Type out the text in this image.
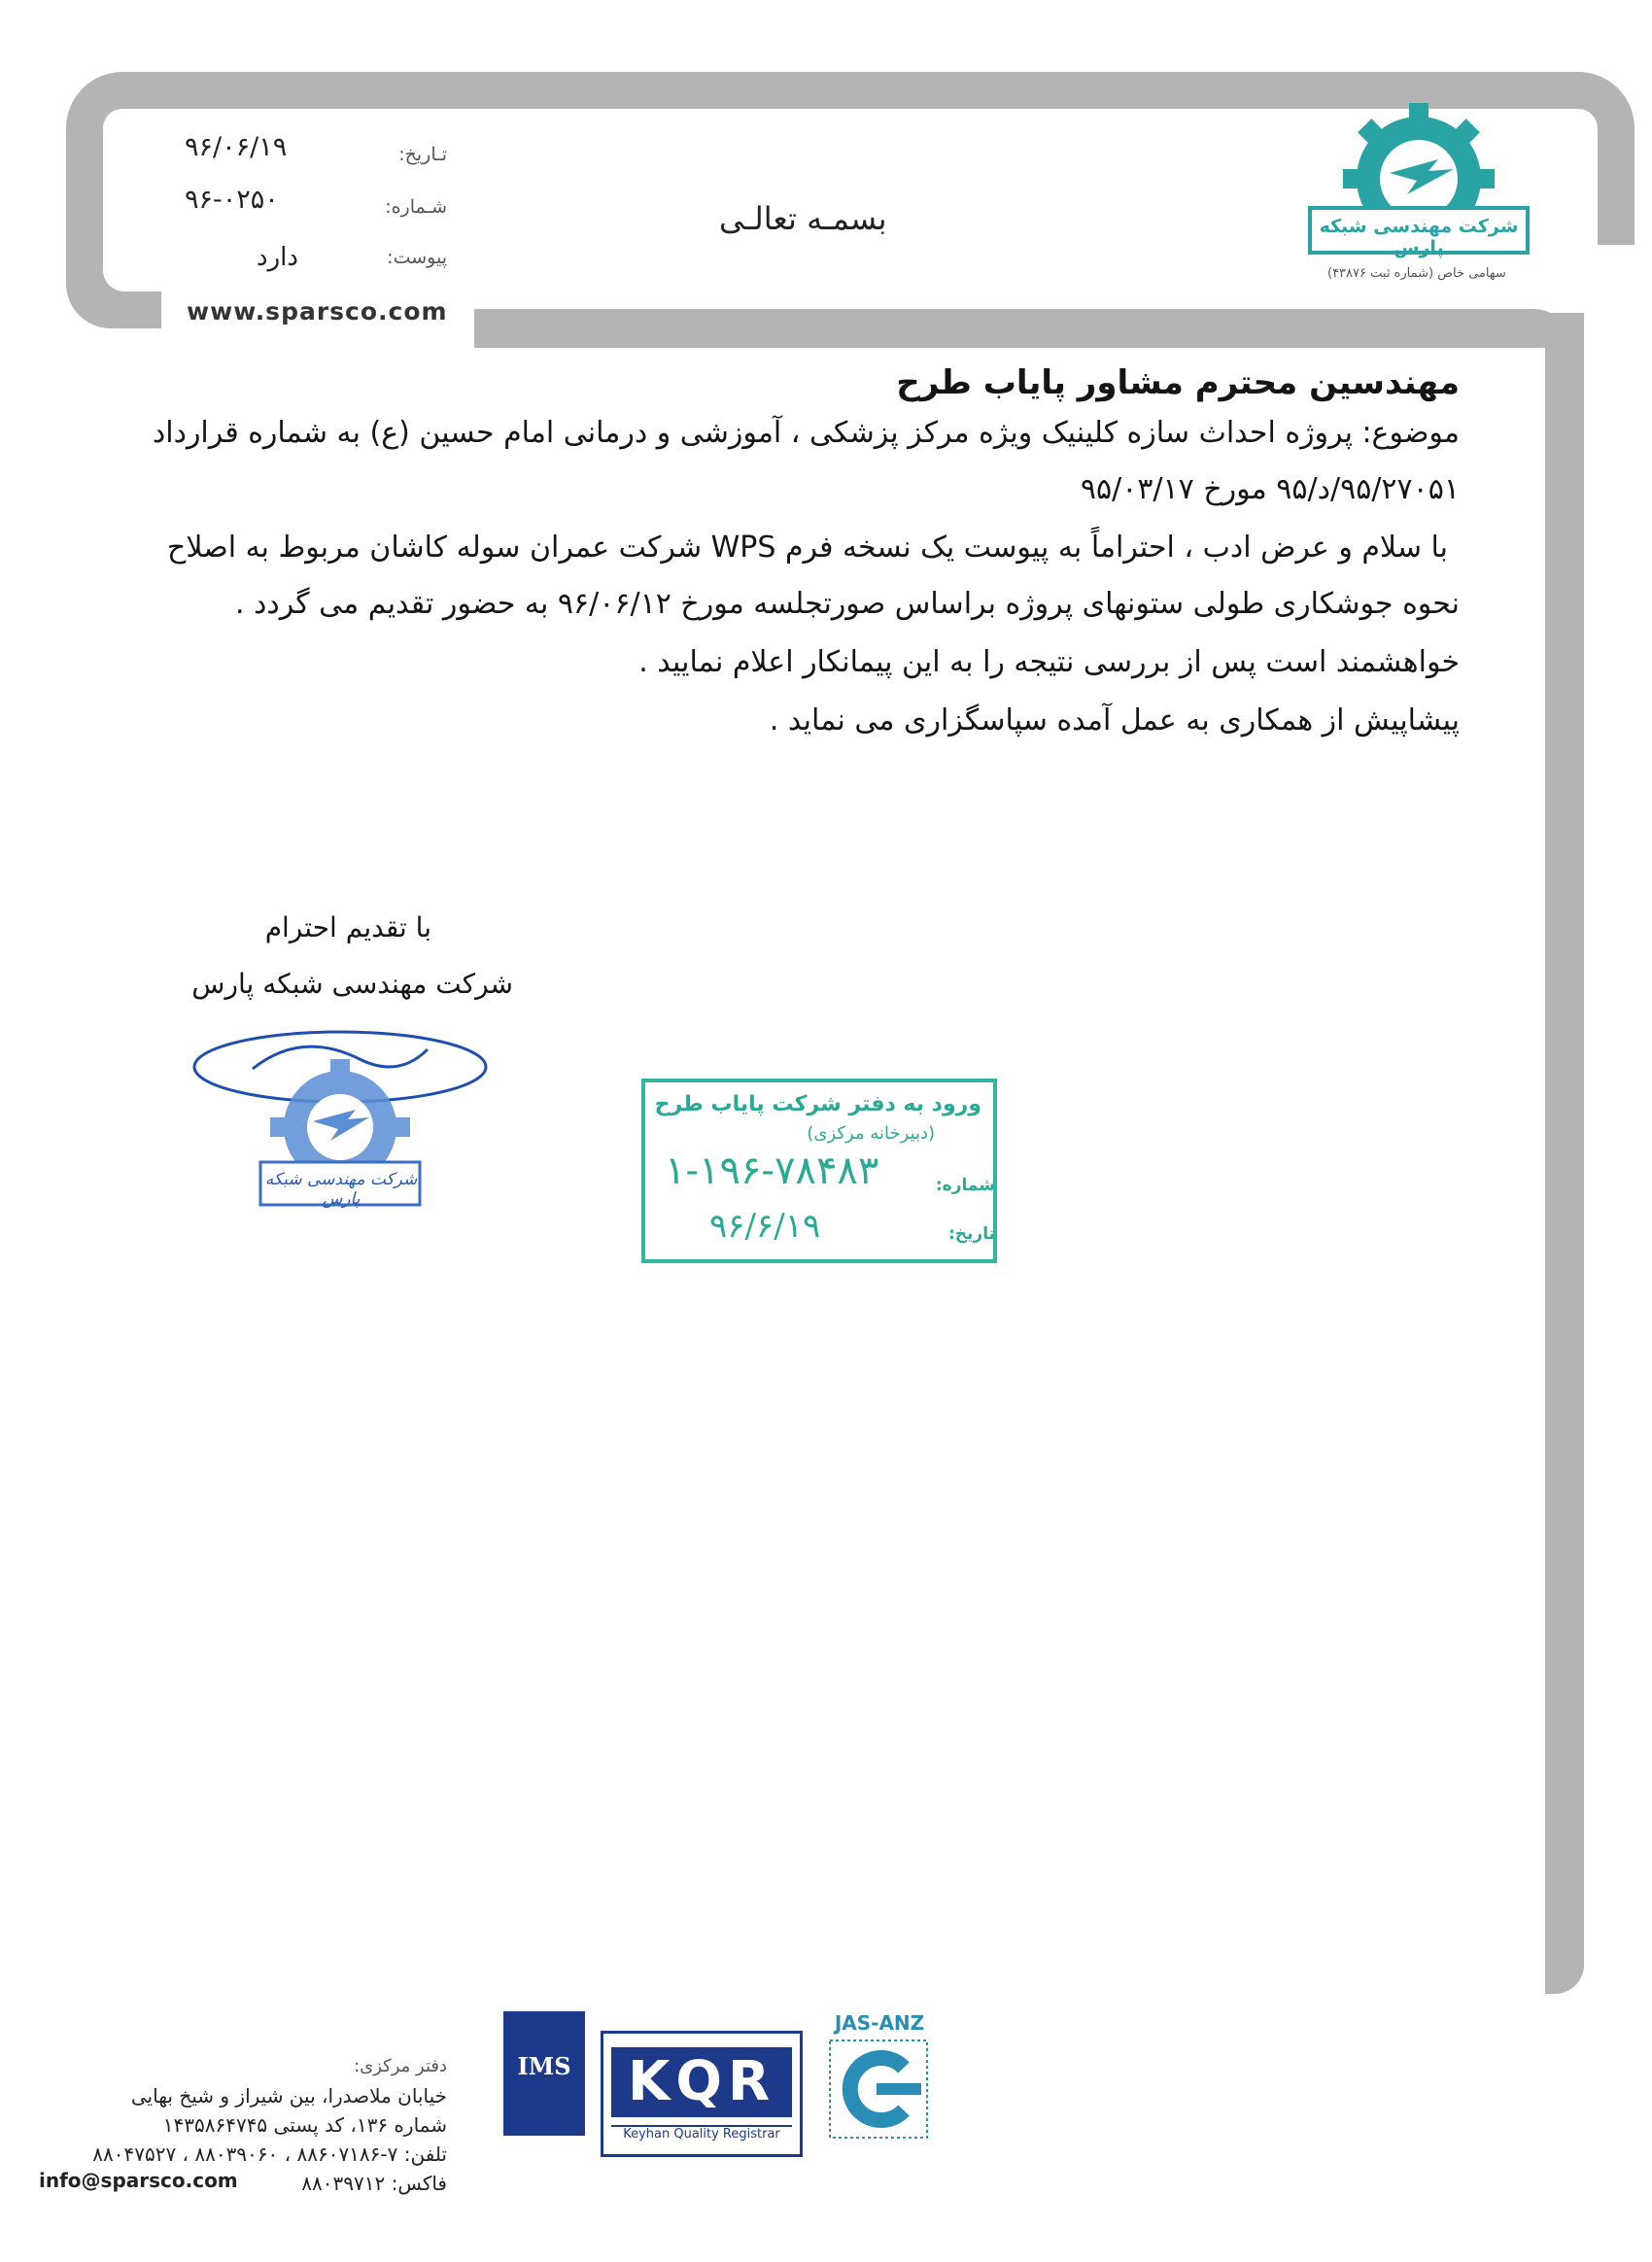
www.sparsco.com
تـاریخ:
۹۶/۰۶/۱۹
شـماره:
۹۶-۰۲۵۰
پیوست:
دارد
بسمـه تعالـی	شرکت مهندسی شبکه پارس
سهامی خاص (شماره ثبت ۴۳۸۷۶)
مهندسین محترم مشاور پایاب طرح
موضوع: پروژه احداث سازه کلینیک ویژه مرکز پزشکی ، آموزشی و درمانی امام حسین (ع) به شماره قرارداد
۹۵/۲۷۰۵۱/د/۹۵ مورخ ۹۵/۰۳/۱۷
با سلام و عرض ادب ، احتراماً به پیوست یک نسخه فرم WPS شرکت عمران سوله کاشان مربوط به اصلاح
نحوه جوشکاری طولی ستونهای پروژه براساس صورتجلسه مورخ ۹۶/۰۶/۱۲ به حضور تقدیم می گردد .
خواهشمند است پس از بررسی نتیجه را به این پیمانکار اعلام نمایید .
پیشاپیش از همکاری به عمل آمده سپاسگزاری می نماید .
با تقدیم احترام
شرکت مهندسی شبکه پارس
شرکت مهندسی شبکه پارس
ورود به دفتر شرکت پایاب طرح
(دبیرخانه مرکزی)
شماره:
۱-۱۹۶-۷۸۴۸۳
تاریخ:
۹۶/۶/۱۹
دفتر مرکزی:
خیابان ملاصدرا، بین شیراز و شیخ بهایی
شماره ۱۳۶، کد پستی ۱۴۳۵۸۶۴۷۴۵
تلفن: ۷-۸۸۶۰۷۱۸۶ ، ۸۸۰۳۹۰۶۰ ، ۸۸۰۴۷۵۲۷
فاکس: ۸۸۰۳۹۷۱۲
info@sparsco.com
IMS	KQR
Keyhan Quality Registrar
JAS-ANZ
